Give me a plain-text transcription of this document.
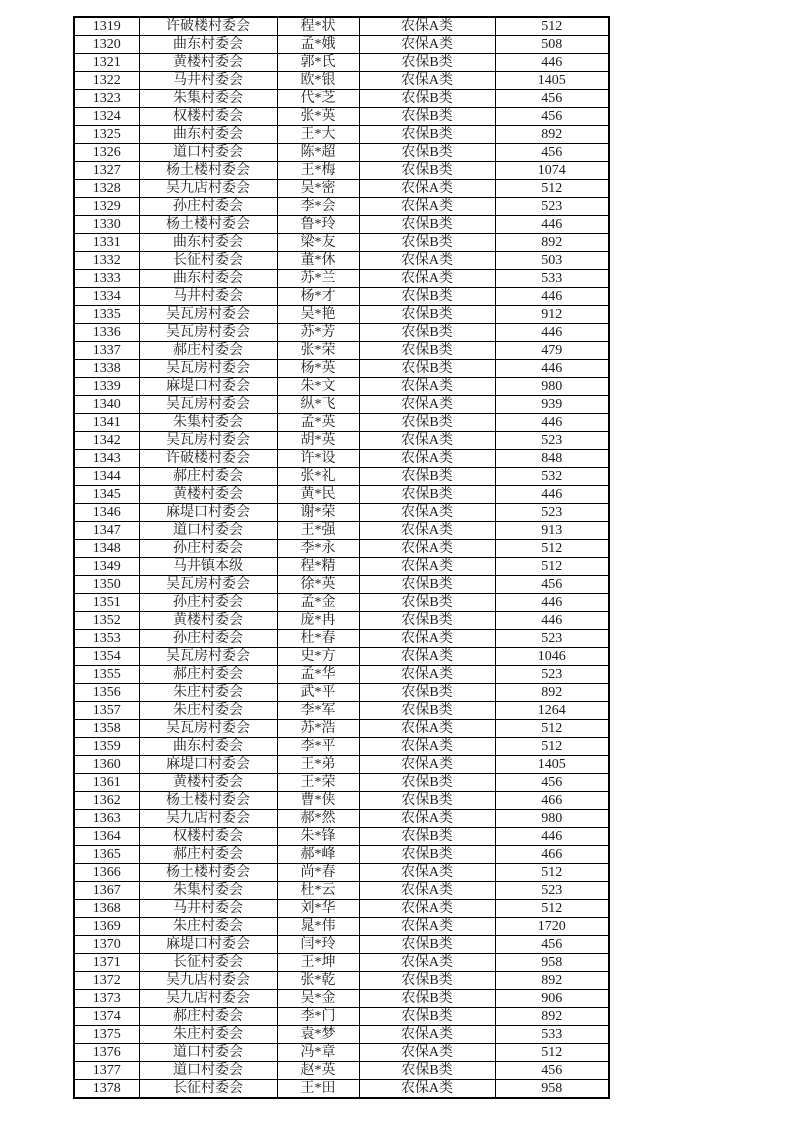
1319	许破楼村委会	程*状	农保A类	512
1320	曲东村委会	孟*娥	农保A类	508
1321	黄楼村委会	郭*氏	农保B类	446
1322	马井村委会	欧*银	农保A类	1405
1323	朱集村委会	代*芝	农保B类	456
1324	权楼村委会	张*英	农保B类	456
1325	曲东村委会	王*大	农保B类	892
1326	道口村委会	陈*超	农保B类	456
1327	杨土楼村委会	王*梅	农保B类	1074
1328	吴九店村委会	吴*密	农保A类	512
1329	孙庄村委会	李*会	农保A类	523
1330	杨土楼村委会	鲁*玲	农保B类	446
1331	曲东村委会	梁*友	农保B类	892
1332	长征村委会	董*休	农保A类	503
1333	曲东村委会	苏*兰	农保A类	533
1334	马井村委会	杨*才	农保B类	446
1335	吴瓦房村委会	吴*艳	农保B类	912
1336	吴瓦房村委会	苏*芳	农保B类	446
1337	郝庄村委会	张*荣	农保B类	479
1338	吴瓦房村委会	杨*英	农保B类	446
1339	麻堤口村委会	朱*文	农保A类	980
1340	吴瓦房村委会	纵*飞	农保A类	939
1341	朱集村委会	孟*英	农保B类	446
1342	吴瓦房村委会	胡*英	农保A类	523
1343	许破楼村委会	许*设	农保A类	848
1344	郝庄村委会	张*礼	农保B类	532
1345	黄楼村委会	黄*民	农保B类	446
1346	麻堤口村委会	谢*荣	农保A类	523
1347	道口村委会	王*强	农保A类	913
1348	孙庄村委会	李*永	农保A类	512
1349	马井镇本级	程*精	农保A类	512
1350	吴瓦房村委会	徐*英	农保B类	456
1351	孙庄村委会	孟*金	农保B类	446
1352	黄楼村委会	庞*冉	农保B类	446
1353	孙庄村委会	杜*春	农保A类	523
1354	吴瓦房村委会	史*方	农保A类	1046
1355	郝庄村委会	孟*华	农保A类	523
1356	朱庄村委会	武*平	农保B类	892
1357	朱庄村委会	李*军	农保B类	1264
1358	吴瓦房村委会	苏*浩	农保A类	512
1359	曲东村委会	李*平	农保A类	512
1360	麻堤口村委会	王*弟	农保A类	1405
1361	黄楼村委会	王*荣	农保B类	456
1362	杨土楼村委会	曹*侠	农保B类	466
1363	吴九店村委会	郝*然	农保A类	980
1364	权楼村委会	朱*锋	农保B类	446
1365	郝庄村委会	郝*峰	农保B类	466
1366	杨土楼村委会	尚*春	农保A类	512
1367	朱集村委会	杜*云	农保A类	523
1368	马井村委会	刘*华	农保A类	512
1369	朱庄村委会	晁*伟	农保A类	1720
1370	麻堤口村委会	闫*玲	农保B类	456
1371	长征村委会	王*坤	农保A类	958
1372	吴九店村委会	张*乾	农保B类	892
1373	吴九店村委会	吴*金	农保B类	906
1374	郝庄村委会	李*门	农保B类	892
1375	朱庄村委会	袁*梦	农保A类	533
1376	道口村委会	冯*章	农保A类	512
1377	道口村委会	赵*英	农保B类	456
1378	长征村委会	王*田	农保A类	958
